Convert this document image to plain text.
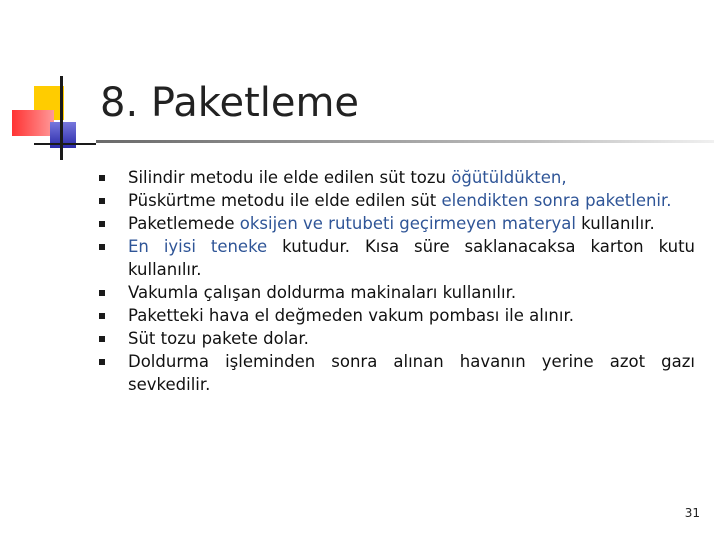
8. Paketleme
Silindir metodu ile elde edilen süt tozu öğütüldükten,
Püskürtme metodu ile elde edilen süt elendikten sonra paketlenir.
Paketlemede oksijen ve rutubeti geçirmeyen materyal kullanılır.
En iyisi teneke kutudur. Kısa süre saklanacaksa karton kutu kullanılır.
Vakumla çalışan doldurma makinaları kullanılır.
Paketteki hava el değmeden vakum pombası ile alınır.
Süt tozu pakete dolar.
Doldurma işleminden sonra alınan havanın yerine azot gazı sevkedilir.
31
